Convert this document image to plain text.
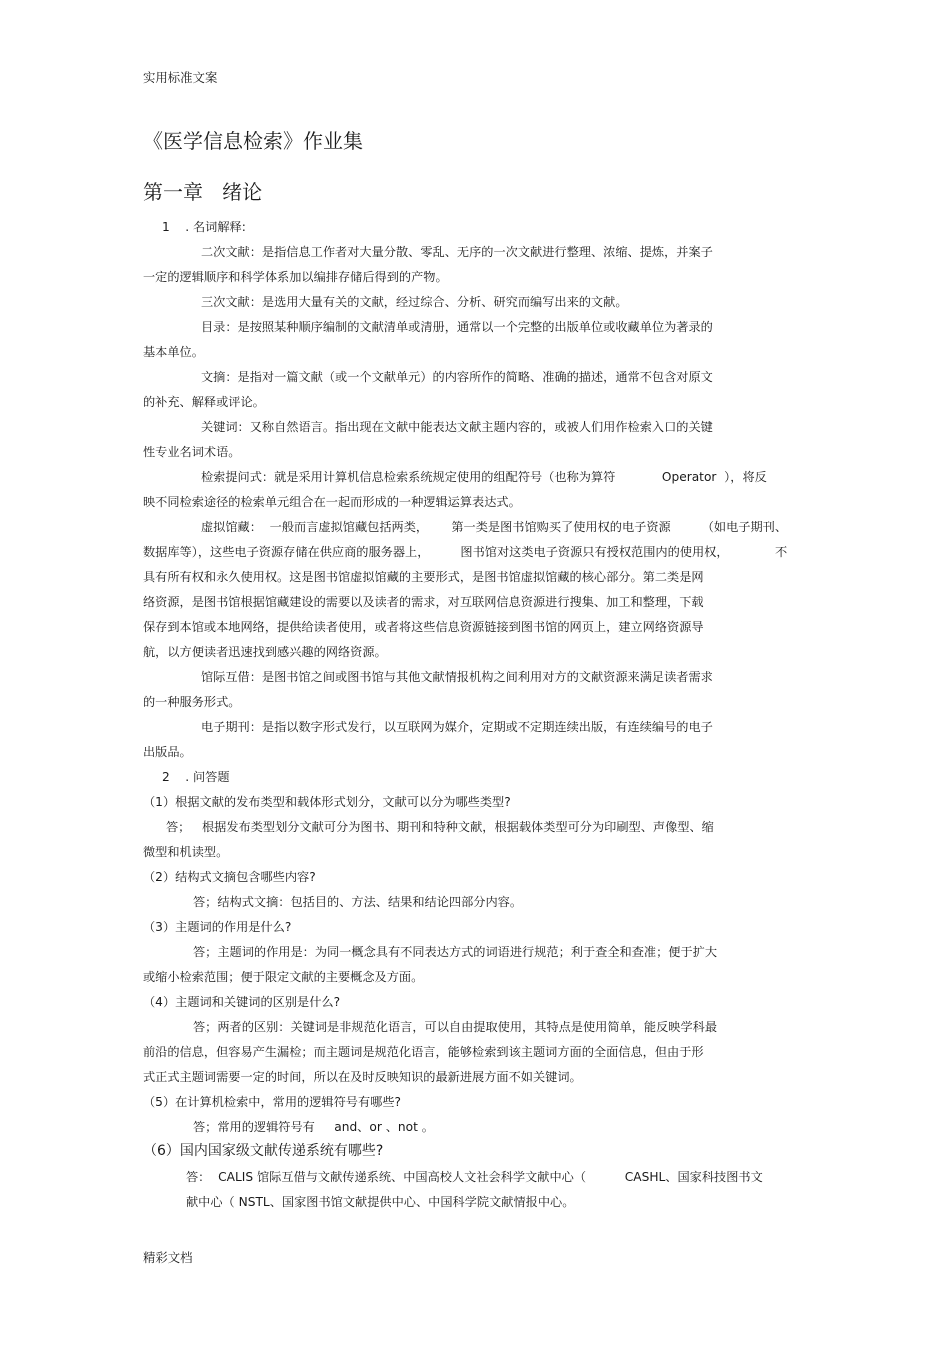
实用标准文案
《医学信息检索》作业集
第一章   绪论
1    . 名词解释:
二次文献：是指信息工作者对大量分散、零乱、无序的一次文献进行整理、浓缩、提炼，并案子
一定的逻辑顺序和科学体系加以编排存储后得到的产物。
三次文献：是选用大量有关的文献，经过综合、分析、研究而编写出来的文献。
目录：是按照某种顺序编制的文献清单或清册，通常以一个完整的出版单位或收藏单位为著录的
基本单位。
文摘：是指对一篇文献（或一个文献单元）的内容所作的简略、准确的描述，通常不包含对原文
的补充、解释或评论。
关键词：又称自然语言。指出现在文献中能表达文献主题内容的，或被人们用作检索入口的关键
性专业名词术语。
检索提问式：就是采用计算机信息检索系统规定使用的组配符号（也称为算符            Operator  ），将反
映不同检索途径的检索单元组合在一起而形成的一种逻辑运算表达式。
虚拟馆藏：  一般而言虚拟馆藏包括两类，      第一类是图书馆购买了使用权的电子资源        （如电子期刊、
数据库等），这些电子资源存储在供应商的服务器上，        图书馆对这类电子资源只有授权范围内的使用权，            不
具有所有权和永久使用权。这是图书馆虚拟馆藏的主要形式，是图书馆虚拟馆藏的核心部分。第二类是网
络资源，是图书馆根据馆藏建设的需要以及读者的需求，对互联网信息资源进行搜集、加工和整理，下载
保存到本馆或本地网络，提供给读者使用，或者将这些信息资源链接到图书馆的网页上，建立网络资源导
航，以方便读者迅速找到感兴趣的网络资源。
馆际互借：是图书馆之间或图书馆与其他文献情报机构之间利用对方的文献资源来满足读者需求
的一种服务形式。
电子期刊：是指以数字形式发行，以互联网为媒介，定期或不定期连续出版，有连续编号的电子
出版品。
2    . 问答题
（1）根据文献的发布类型和载体形式划分，文献可以分为哪些类型?
答；   根据发布类型划分文献可分为图书、期刊和特种文献，根据载体类型可分为印刷型、声像型、缩
微型和机读型。
（2）结构式文摘包含哪些内容?
答；结构式文摘：包括目的、方法、结果和结论四部分内容。
（3）主题词的作用是什么?
答；主题词的作用是：为同一概念具有不同表达方式的词语进行规范；利于查全和查准；便于扩大
或缩小检索范围；便于限定文献的主要概念及方面。
（4）主题词和关键词的区别是什么?
答；两者的区别：关键词是非规范化语言，可以自由提取使用，其特点是使用简单，能反映学科最
前沿的信息，但容易产生漏检；而主题词是规范化语言，能够检索到该主题词方面的全面信息，但由于形
式正式主题词需要一定的时间，所以在及时反映知识的最新进展方面不如关键词。
（5）在计算机检索中，常用的逻辑符号有哪些?
答；常用的逻辑符号有     and、or 、not 。
（6）国内国家级文献传递系统有哪些?
答：  CALIS 馆际互借与文献传递系统、中国高校人文社会科学文献中心（          CASHL、国家科技图书文
献中心（ NSTL、国家图书馆文献提供中心、中国科学院文献情报中心。
精彩文档
